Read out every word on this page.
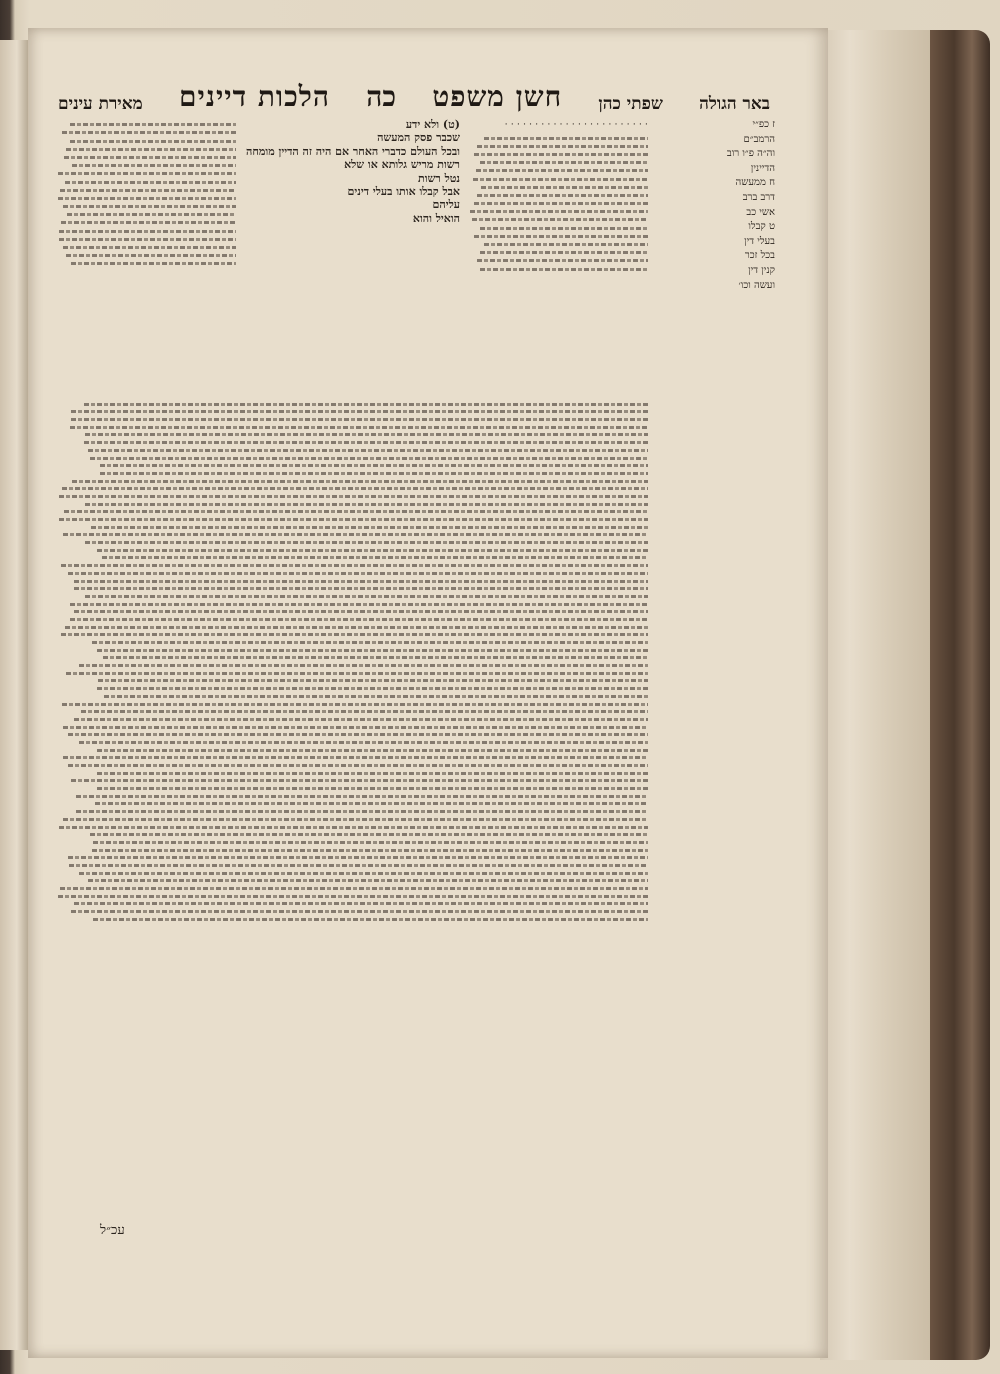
באר הגולה
שפתי כהן
חשן משפט
כה
הלכות דיינים
מאירת עינים
ז כפ״י
הרמב״ם
וה״ה פ״ו רוב
הדיינין
ח ממעשה
דרב ברב
אשי כב
ט קבלו
בעלי דין
בכל זכר
קנין דין
ועשה וכו׳
· · · · · · · · · · · · · · · · · · · · · · · ·
(ט) ולא ידע
שכבר פסק המעשה
ובכל העולם כדברי האחר אם היה זה הדיין מומחה
רשות מריש גלותא או שלא
נטל רשות
אבל קבלו אותו בעלי דינים
עליהם
הואיל והוא
עכ״ל
